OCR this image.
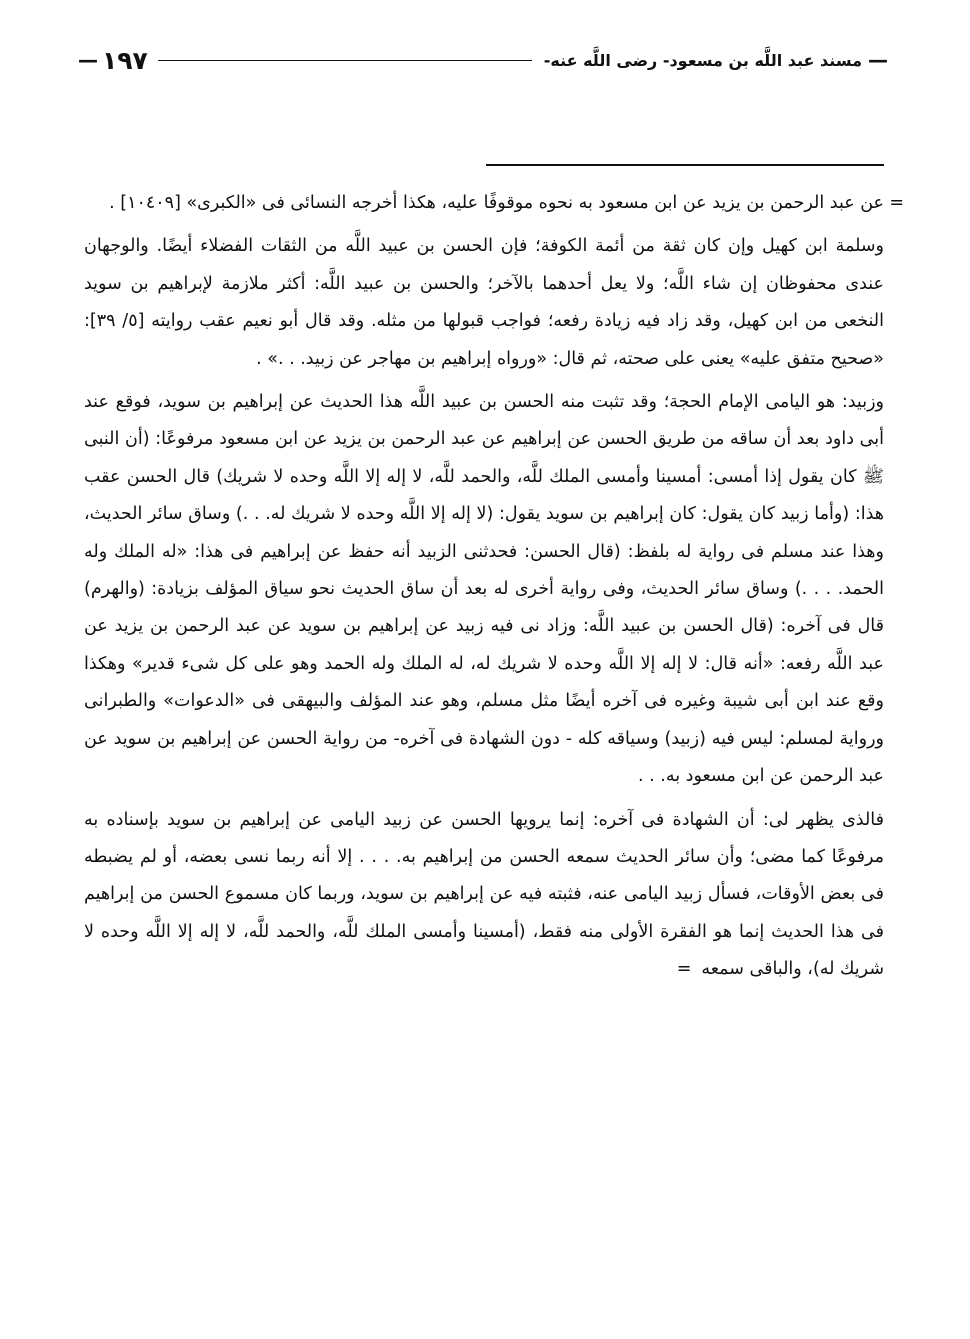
—
مسند عبد اللَّه بن مسعود- رضى اللَّه عنه-
١٩٧
—

=
عن عبد الرحمن بن يزيد عن ابن مسعود به نحوه موقوفًا عليه، هكذا أخرجه النسائى فى «الكبرى» [١٠٤٠٩] .

وسلمة ابن كهيل وإن كان ثقة من أئمة الكوفة؛ فإن الحسن بن عبيد اللَّه من الثقات الفضلاء أيضًا. والوجهان عندى محفوظان إن شاء اللَّه؛ ولا يعل أحدهما بالآخر؛ والحسن بن عبيد اللَّه: أكثر ملازمة لإبراهيم بن سويد النخعى من ابن كهيل، وقد زاد فيه زيادة رفعه؛ فواجب قبولها من مثله. وقد قال أبو نعيم عقب روايته [٥/ ٣٩]: «صحيح متفق عليه» يعنى على صحته، ثم قال: «ورواه إبراهيم بن مهاجر عن زبيد. . .» .

وزبيد: هو اليامى الإمام الحجة؛ وقد تثبت منه الحسن بن عبيد اللَّه هذا الحديث عن إبراهيم بن سويد، فوقع عند أبى داود بعد أن ساقه من طريق الحسن عن إبراهيم عن عبد الرحمن بن يزيد عن ابن مسعود مرفوعًا: (أن النبى ﷺ كان يقول إذا أمسى: أمسينا وأمسى الملك للَّه، والحمد للَّه، لا إله إلا اللَّه وحده لا شريك) قال الحسن عقب هذا: (وأما زبيد كان يقول: كان إبراهيم بن سويد يقول: (لا إله إلا اللَّه وحده لا شريك له. . .) وساق سائر الحديث، وهذا عند مسلم فى رواية له بلفظ: (قال الحسن: فحدثنى الزبيد أنه حفظ عن إبراهيم فى هذا: «له الملك وله الحمد. . . .) وساق سائر الحديث، وفى رواية أخرى له بعد أن ساق الحديث نحو سياق المؤلف بزيادة: (والهرم) قال فى آخره: (قال الحسن بن عبيد اللَّه: وزاد نى فيه زبيد عن إبراهيم بن سويد عن عبد الرحمن بن يزيد عن عبد اللَّه رفعه: «أنه قال: لا إله إلا اللَّه وحده لا شريك له، له الملك وله الحمد وهو على كل شىء قدير» وهكذا وقع عند ابن أبى شيبة وغيره فى آخره أيضًا مثل مسلم، وهو عند المؤلف والبيهقى فى «الدعوات» والطبرانى ورواية لمسلم: ليس فيه (زبيد) وسياقه كله - دون الشهادة فى آخره- من رواية الحسن عن إبراهيم بن سويد عن عبد الرحمن عن ابن مسعود به. . .

فالذى يظهر لى: أن الشهادة فى آخره: إنما يرويها الحسن عن زبيد اليامى عن إبراهيم بن سويد بإسناده به مرفوعًا كما مضى؛ وأن سائر الحديث سمعه الحسن من إبراهيم به. . . . إلا أنه ربما نسى بعضه، أو لم يضبطه فى بعض الأوقات، فسأل زبيد اليامى عنه، فثبته فيه عن إبراهيم بن سويد، وربما كان مسموع الحسن من إبراهيم فى هذا الحديث إنما هو الفقرة الأولى منه فقط، (أمسينا وأمسى الملك للَّه، والحمد للَّه، لا إله إلا اللَّه وحده لا شريك له)، والباقى سمعه=
